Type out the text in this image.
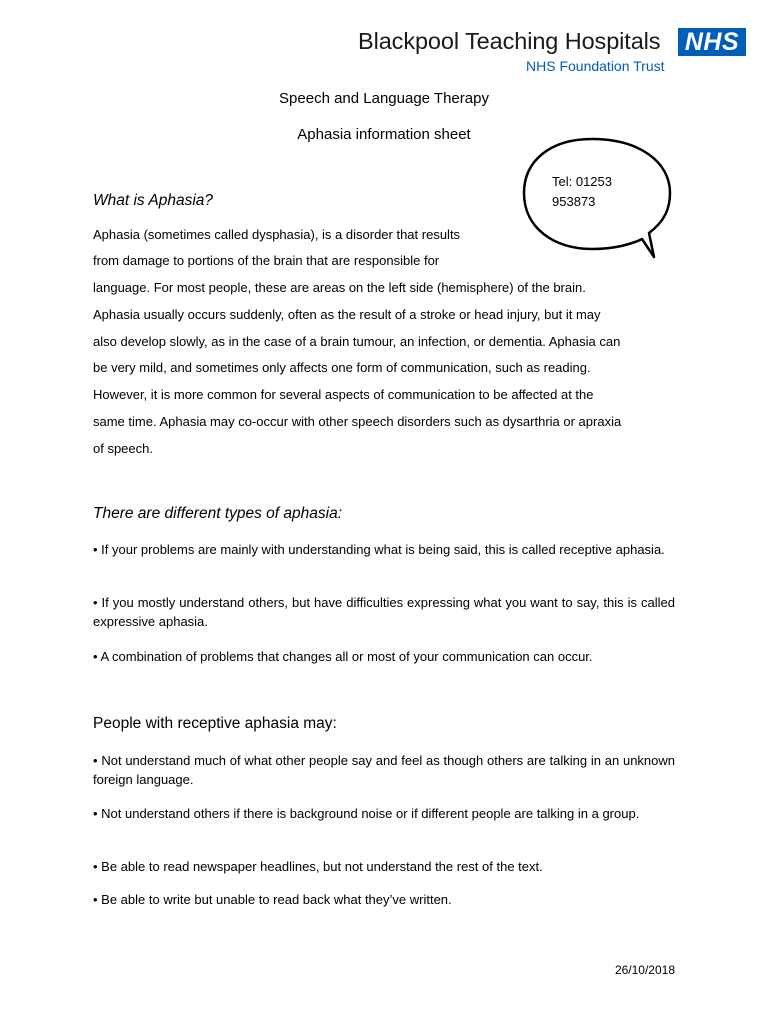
Blackpool Teaching Hospitals NHS
NHS Foundation Trust
Speech and Language Therapy
Aphasia information sheet
Tel: 01253
953873
What is Aphasia?
Aphasia (sometimes called dysphasia), is a disorder that results
from damage to portions of the brain that are responsible for
language. For most people, these are areas on the left side (hemisphere) of the brain.
Aphasia usually occurs suddenly, often as the result of a stroke or head injury, but it may
also develop slowly, as in the case of a brain tumour, an infection, or dementia. Aphasia can
be very mild, and sometimes only affects one form of communication, such as reading.
However, it is more common for several aspects of communication to be affected at the
same time. Aphasia may co-occur with other speech disorders such as dysarthria or apraxia
of speech.
There are different types of aphasia:
• If your problems are mainly with understanding what is being said, this is called receptive aphasia.
• If you mostly understand others, but have difficulties expressing what you want to say, this is called expressive aphasia.
• A combination of problems that changes all or most of your communication can occur.
People with receptive aphasia may:
• Not understand much of what other people say and feel as though others are talking in an unknown foreign language.
• Not understand others if there is background noise or if different people are talking in a group.
• Be able to read newspaper headlines, but not understand the rest of the text.
• Be able to write but unable to read back what they’ve written.
26/10/2018
